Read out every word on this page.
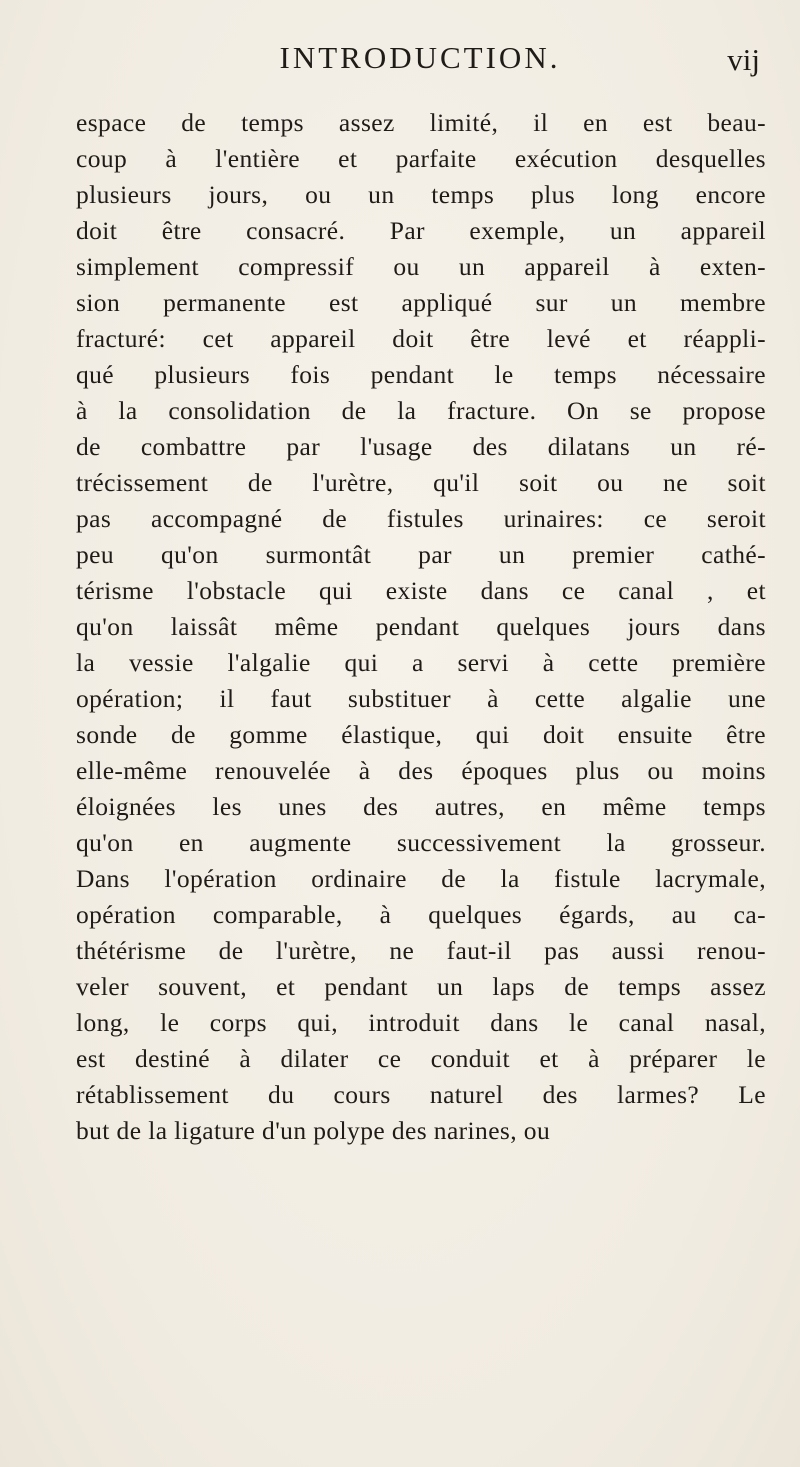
INTRODUCTION.	vij
espace de temps assez limité, il en est beau-
coup à l'entière et parfaite exécution desquelles
plusieurs jours, ou un temps plus long encore
doit être consacré. Par exemple, un appareil
simplement compressif ou un appareil à exten-
sion permanente est appliqué sur un membre
fracturé: cet appareil doit être levé et réappli-
qué plusieurs fois pendant le temps nécessaire
à la consolidation de la fracture. On se propose
de combattre par l'usage des dilatans un ré-
trécissement de l'urètre, qu'il soit ou ne soit
pas accompagné de fistules urinaires: ce seroit
peu qu'on surmontât par un premier cathé-
térisme l'obstacle qui existe dans ce canal , et
qu'on laissât même pendant quelques jours dans
la vessie l'algalie qui a servi à cette première
opération; il faut substituer à cette algalie une
sonde de gomme élastique, qui doit ensuite être
elle-même renouvelée à des époques plus ou moins
éloignées les unes des autres, en même temps
qu'on en augmente successivement la grosseur.
Dans l'opération ordinaire de la fistule lacrymale,
opération comparable, à quelques égards, au ca-
thétérisme de l'urètre, ne faut-il pas aussi renou-
veler souvent, et pendant un laps de temps assez
long, le corps qui, introduit dans le canal nasal,
est destiné à dilater ce conduit et à préparer le
rétablissement du cours naturel des larmes? Le
but de la ligature d'un polype des narines, ou
